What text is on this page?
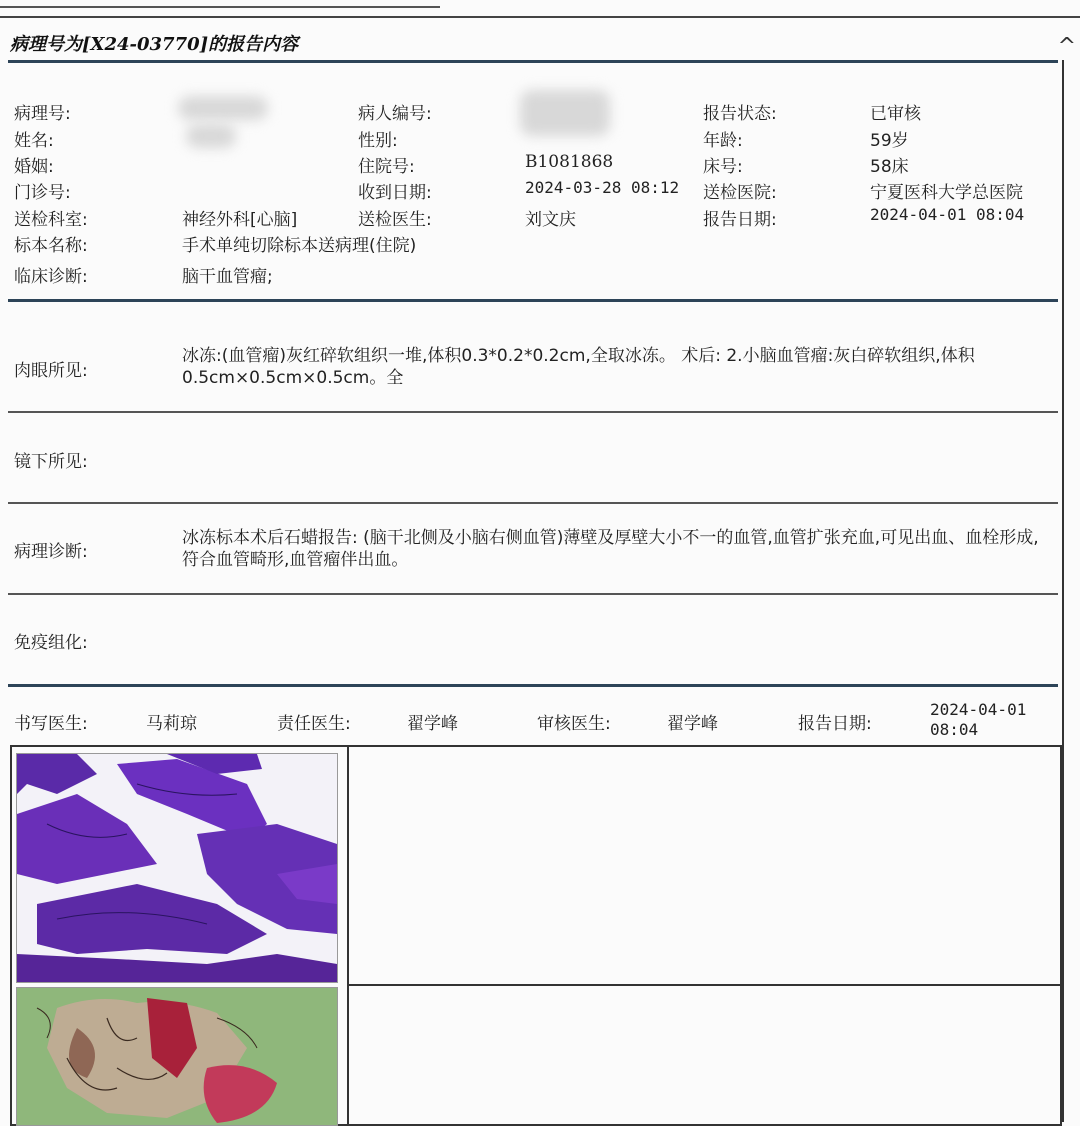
^
病理号为[X24-03770]的报告内容
病理号:	病人编号:	报告状态:	已审核
姓名:	性别:	年龄:	59岁
婚姻:	住院号:	B1081868	床号:	58床
门诊号:	收到日期:	2024-03-28 08:12 送检医院:	宁夏医科大学总医院
送检科室:	神经外科[心脑]	送检医生:	刘文庆	报告日期:	2024-04-01 08:04
标本名称:	手术单纯切除标本送病理(住院)
临床诊断:	脑干血管瘤;
肉眼所见:
冰冻:(血管瘤)灰红碎软组织一堆,体积0.3*0.2*0.2cm,全取冰冻。 术后: 2.小脑血管瘤:灰白碎软组织,体积0.5cm×0.5cm×0.5cm。全
镜下所见:
病理诊断:
冰冻标本术后石蜡报告: (脑干北侧及小脑右侧血管)薄壁及厚壁大小不一的血管,血管扩张充血,可见出血、血栓形成,符合血管畸形,血管瘤伴出血。
免疫组化:
书写医生:	马莉琼	责任医生:	翟学峰	审核医生:	翟学峰	报告日期:
2024-04-01
08:04
